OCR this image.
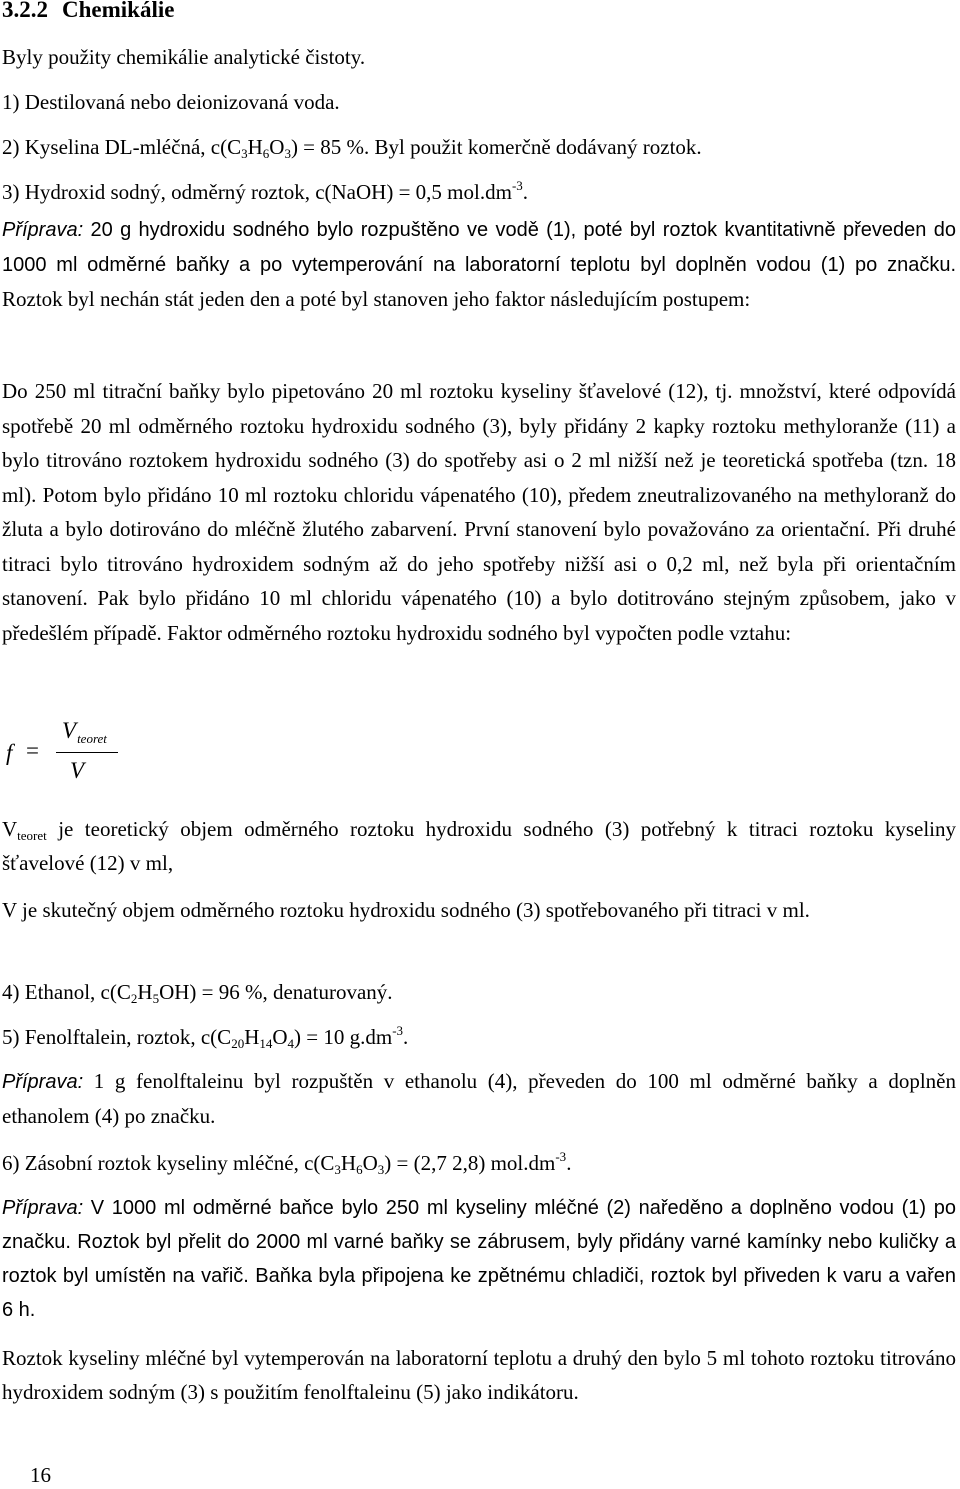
3.2.2 Chemikálie
Byly použity chemikálie analytické čistoty.
1) Destilovaná nebo deionizovaná voda.
2) Kyselina DL-mléčná, $c(C_3H_6O_3) = 85$ %. Byl použit komerčně dodávaný roztok.
3) Hydroxid sodný, odměrný roztok, c(NaOH) = 0,5 $mol.dm^{-3}$.
Příprava: 20 g hydroxidu sodného bylo rozpuštěno ve vodě (1), poté byl roztok kvantitativně převeden do 1000 ml odměrné baňky a po vytemperování na laboratorní teplotu byl doplněn vodou (1) po značku. Roztok byl nechán stát jeden den a poté byl stanoven jeho faktor následujícím postupem:
Do 250 ml titrační baňky bylo pipetováno 20 ml roztoku kyseliny šťavelové (12), tj. množství, které odpovídá spotřebě 20 ml odměrného roztoku hydroxidu sodného (3), byly přidány 2 kapky roztoku methyloranže (11) a bylo titrováno roztokem hydroxidu sodného (3) do spotřeby asi o 2 ml nižší než je teoretická spotřeba (tzn. 18 ml). Potom bylo přidáno 10 ml roztoku chloridu vápenatého (10), předem zneutralizovaného na methyloranž do žluta a bylo dotirováno do mléčně žlutého zabarvení. První stanovení bylo považováno za orientační. Při druhé titraci bylo titrováno hydroxidem sodným až do jeho spotřeby nižší asi o 0,2 ml, než byla při orientačním stanovení. Pak bylo přidáno 10 ml chloridu vápenatého (10) a bylo dotitrováno stejným způsobem, jako v předešlém případě. Faktor odměrného roztoku hydroxidu sodného byl vypočten podle vztahu:
f =
$V_{teoret}$
V
$V_{teoret}$ je teoretický objem odměrného roztoku hydroxidu sodného (3) potřebný k titraci roztoku kyseliny šťavelové (12) v ml,
V je skutečný objem odměrného roztoku hydroxidu sodného (3) spotřebovaného při titraci v ml.
4) Ethanol, $c(C_2H_5OH) = 96$ %, denaturovaný.
5) Fenolftalein, roztok, $c(C_{20}H_{14}O_4) = 10$ $g.dm^{-3}$.
Příprava: 1 g fenolftaleinu byl rozpuštěn v ethanolu (4), převeden do 100 ml odměrné baňky a doplněn ethanolem (4) po značku.
6) Zásobní roztok kyseliny mléčné, $c(C_3H_6O_3) = (2,7$ 2,8) $mol.dm^{-3}$.
Příprava: V 1000 ml odměrné baňce bylo 250 ml kyseliny mléčné (2) naředěno a doplněno vodou (1) po značku. Roztok byl přelit do 2000 ml varné baňky se zábrusem, byly přidány varné kamínky nebo kuličky a roztok byl umístěn na vařič. Baňka byla připojena ke zpětnému chladiči, roztok byl přiveden k varu a vařen 6 h.
Roztok kyseliny mléčné byl vytemperován na laboratorní teplotu a druhý den bylo 5 ml tohoto roztoku titrováno hydroxidem sodným (3) s použitím fenolftaleinu (5) jako indikátoru.
16
